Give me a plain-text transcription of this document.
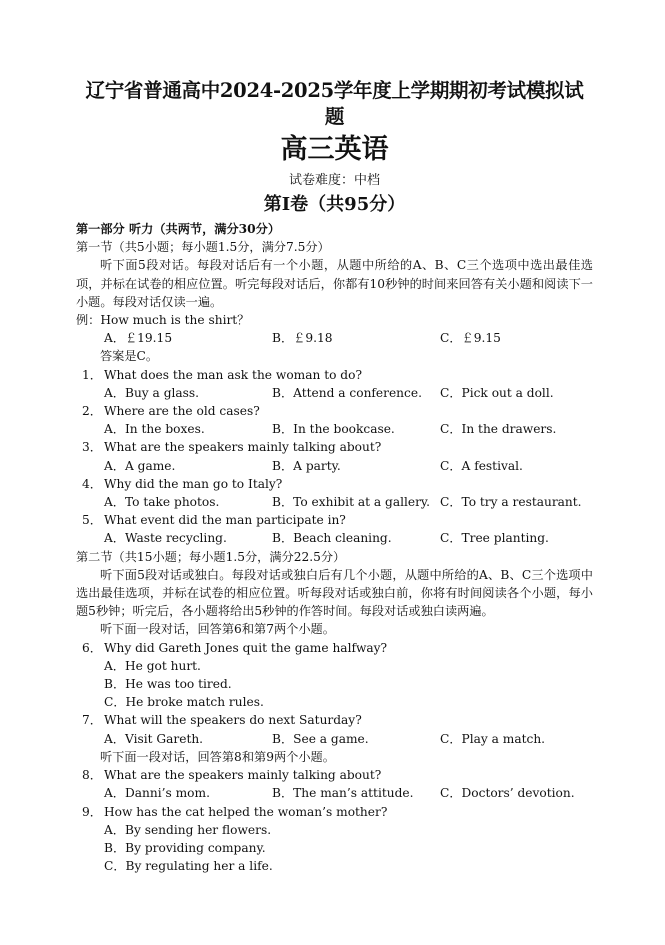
辽宁省普通高中2024-2025学年度上学期期初考试模拟试题

高三英语

试卷难度：中档

第Ⅰ卷（共95分）

第一部分 听力（共两节，满分30分）

第一节（共5小题；每小题1.5分，满分7.5分）

听下面5段对话。每段对话后有一个小题，从题中所给的A、B、C三个选项中选出最佳选项，并标在试卷的相应位置。听完每段对话后，你都有10秒钟的时间来回答有关小题和阅读下一小题。每段对话仅读一遍。

例：How much is the shirt？

A．￡19.15	B．￡9.18	C．￡9.15

答案是C。

1． What does the man ask the woman to do?
A．Buy a glass.	B．Attend a conference.	C．Pick out a doll.
2． Where are the old cases?
A．In the boxes.	B．In the bookcase.	C．In the drawers.
3． What are the speakers mainly talking about?
A．A game.	B．A party.	C．A festival.
4． Why did the man go to Italy?
A．To take photos.	B．To exhibit at a gallery. C．To try a restaurant.
5． What event did the man participate in?
A．Waste recycling.	B．Beach cleaning.	C．Tree planting.

第二节（共15小题；每小题1.5分，满分22.5分）

听下面5段对话或独白。每段对话或独白后有几个小题，从题中所给的A、B、C三个选项中选出最佳选项，并标在试卷的相应位置。听每段对话或独白前，你将有时间阅读各个小题，每小题5秒钟；听完后，各小题将给出5秒钟的作答时间。每段对话或独白读两遍。

听下面一段对话，回答第6和第7两个小题。

6． Why did Gareth Jones quit the game halfway?

A．He got hurt.

B．He was too tired.

C．He broke match rules.

7． What will the speakers do next Saturday?
A．Visit Gareth.	B．See a game.	C．Play a match.

听下面一段对话，回答第8和第9两个小题。

8． What are the speakers mainly talking about?
A．Danni’s mom.	B．The man’s attitude.	C．Doctors’ devotion.
9． How has the cat helped the woman’s mother?

A．By sending her flowers.

B．By providing company.

C．By regulating her a life.
